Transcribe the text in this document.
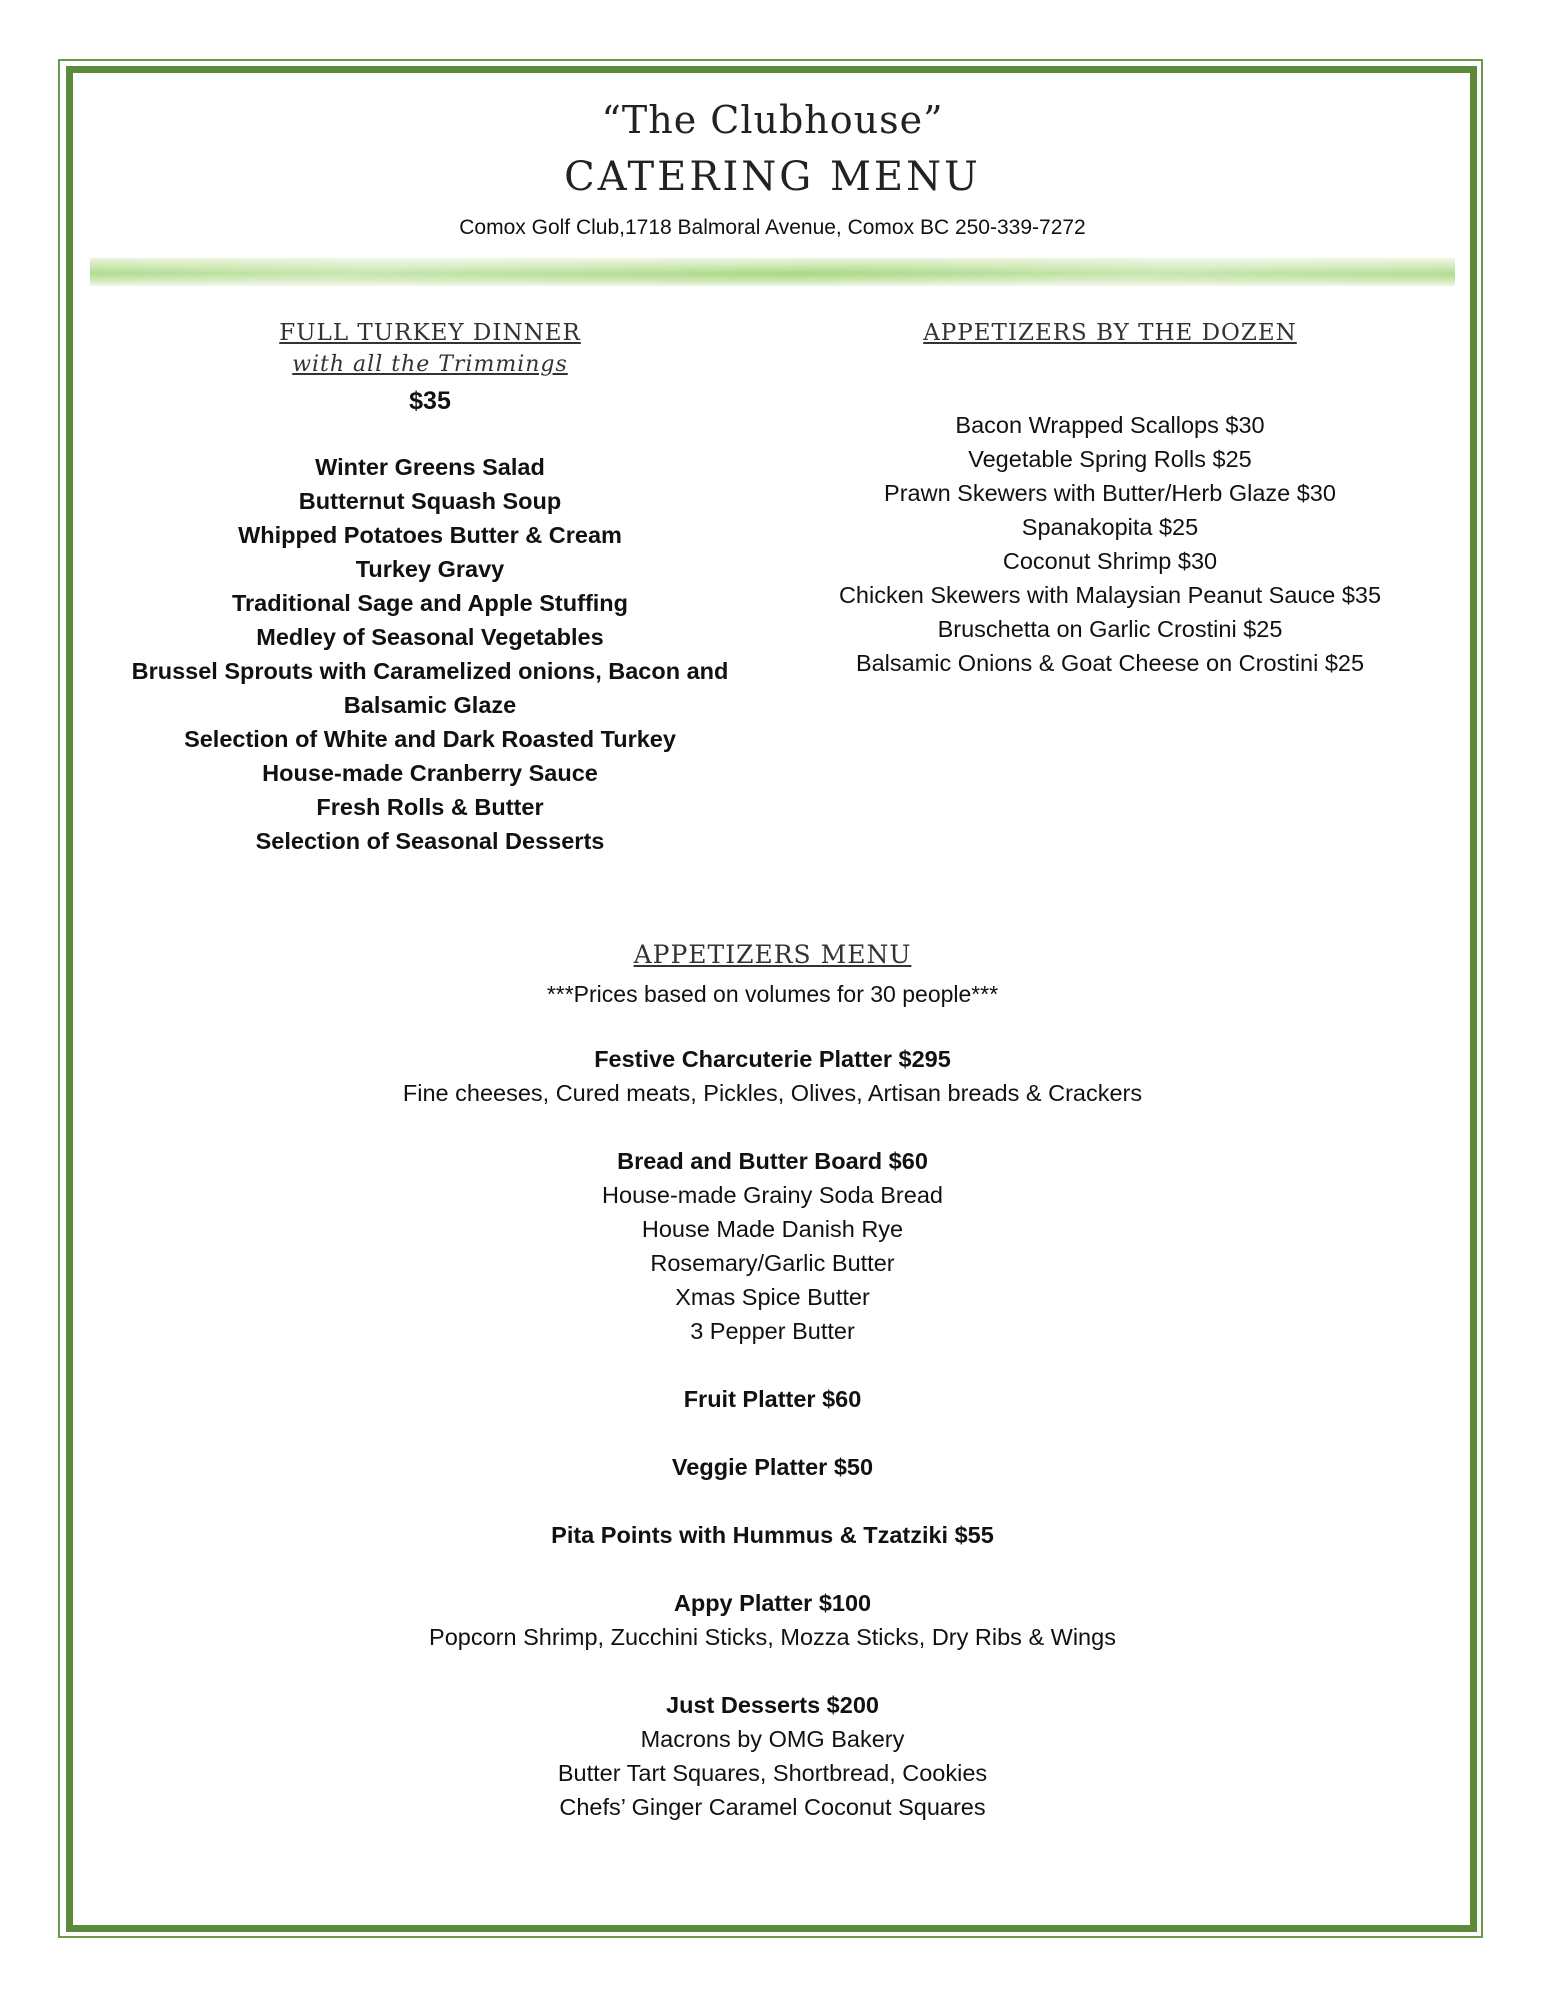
“The Clubhouse”
CATERING MENU
Comox Golf Club,1718 Balmoral Avenue, Comox BC 250-339-7272
FULL TURKEY DINNER
with all the Trimmings
$35
Winter Greens Salad
Butternut Squash Soup
Whipped Potatoes Butter & Cream
Turkey Gravy
Traditional Sage and Apple Stuffing
Medley of Seasonal Vegetables
Brussel Sprouts with Caramelized onions, Bacon and
Balsamic Glaze
Selection of White and Dark Roasted Turkey
House-made Cranberry Sauce
Fresh Rolls & Butter
Selection of Seasonal Desserts
APPETIZERS BY THE DOZEN
Bacon Wrapped Scallops $30
Vegetable Spring Rolls $25
Prawn Skewers with Butter/Herb Glaze $30
Spanakopita $25
Coconut Shrimp $30
Chicken Skewers with Malaysian Peanut Sauce $35
Bruschetta on Garlic Crostini $25
Balsamic Onions & Goat Cheese on Crostini $25
APPETIZERS MENU
***Prices based on volumes for 30 people***
Festive Charcuterie Platter $295
Fine cheeses, Cured meats, Pickles, Olives, Artisan breads & Crackers
Bread and Butter Board $60
House-made Grainy Soda Bread
House Made Danish Rye
Rosemary/Garlic Butter
Xmas Spice Butter
3 Pepper Butter
Fruit Platter $60
Veggie Platter $50
Pita Points with Hummus & Tzatziki $55
Appy Platter $100
Popcorn Shrimp, Zucchini Sticks, Mozza Sticks, Dry Ribs & Wings
Just Desserts $200
Macrons by OMG Bakery
Butter Tart Squares, Shortbread, Cookies
Chefs’ Ginger Caramel Coconut Squares
